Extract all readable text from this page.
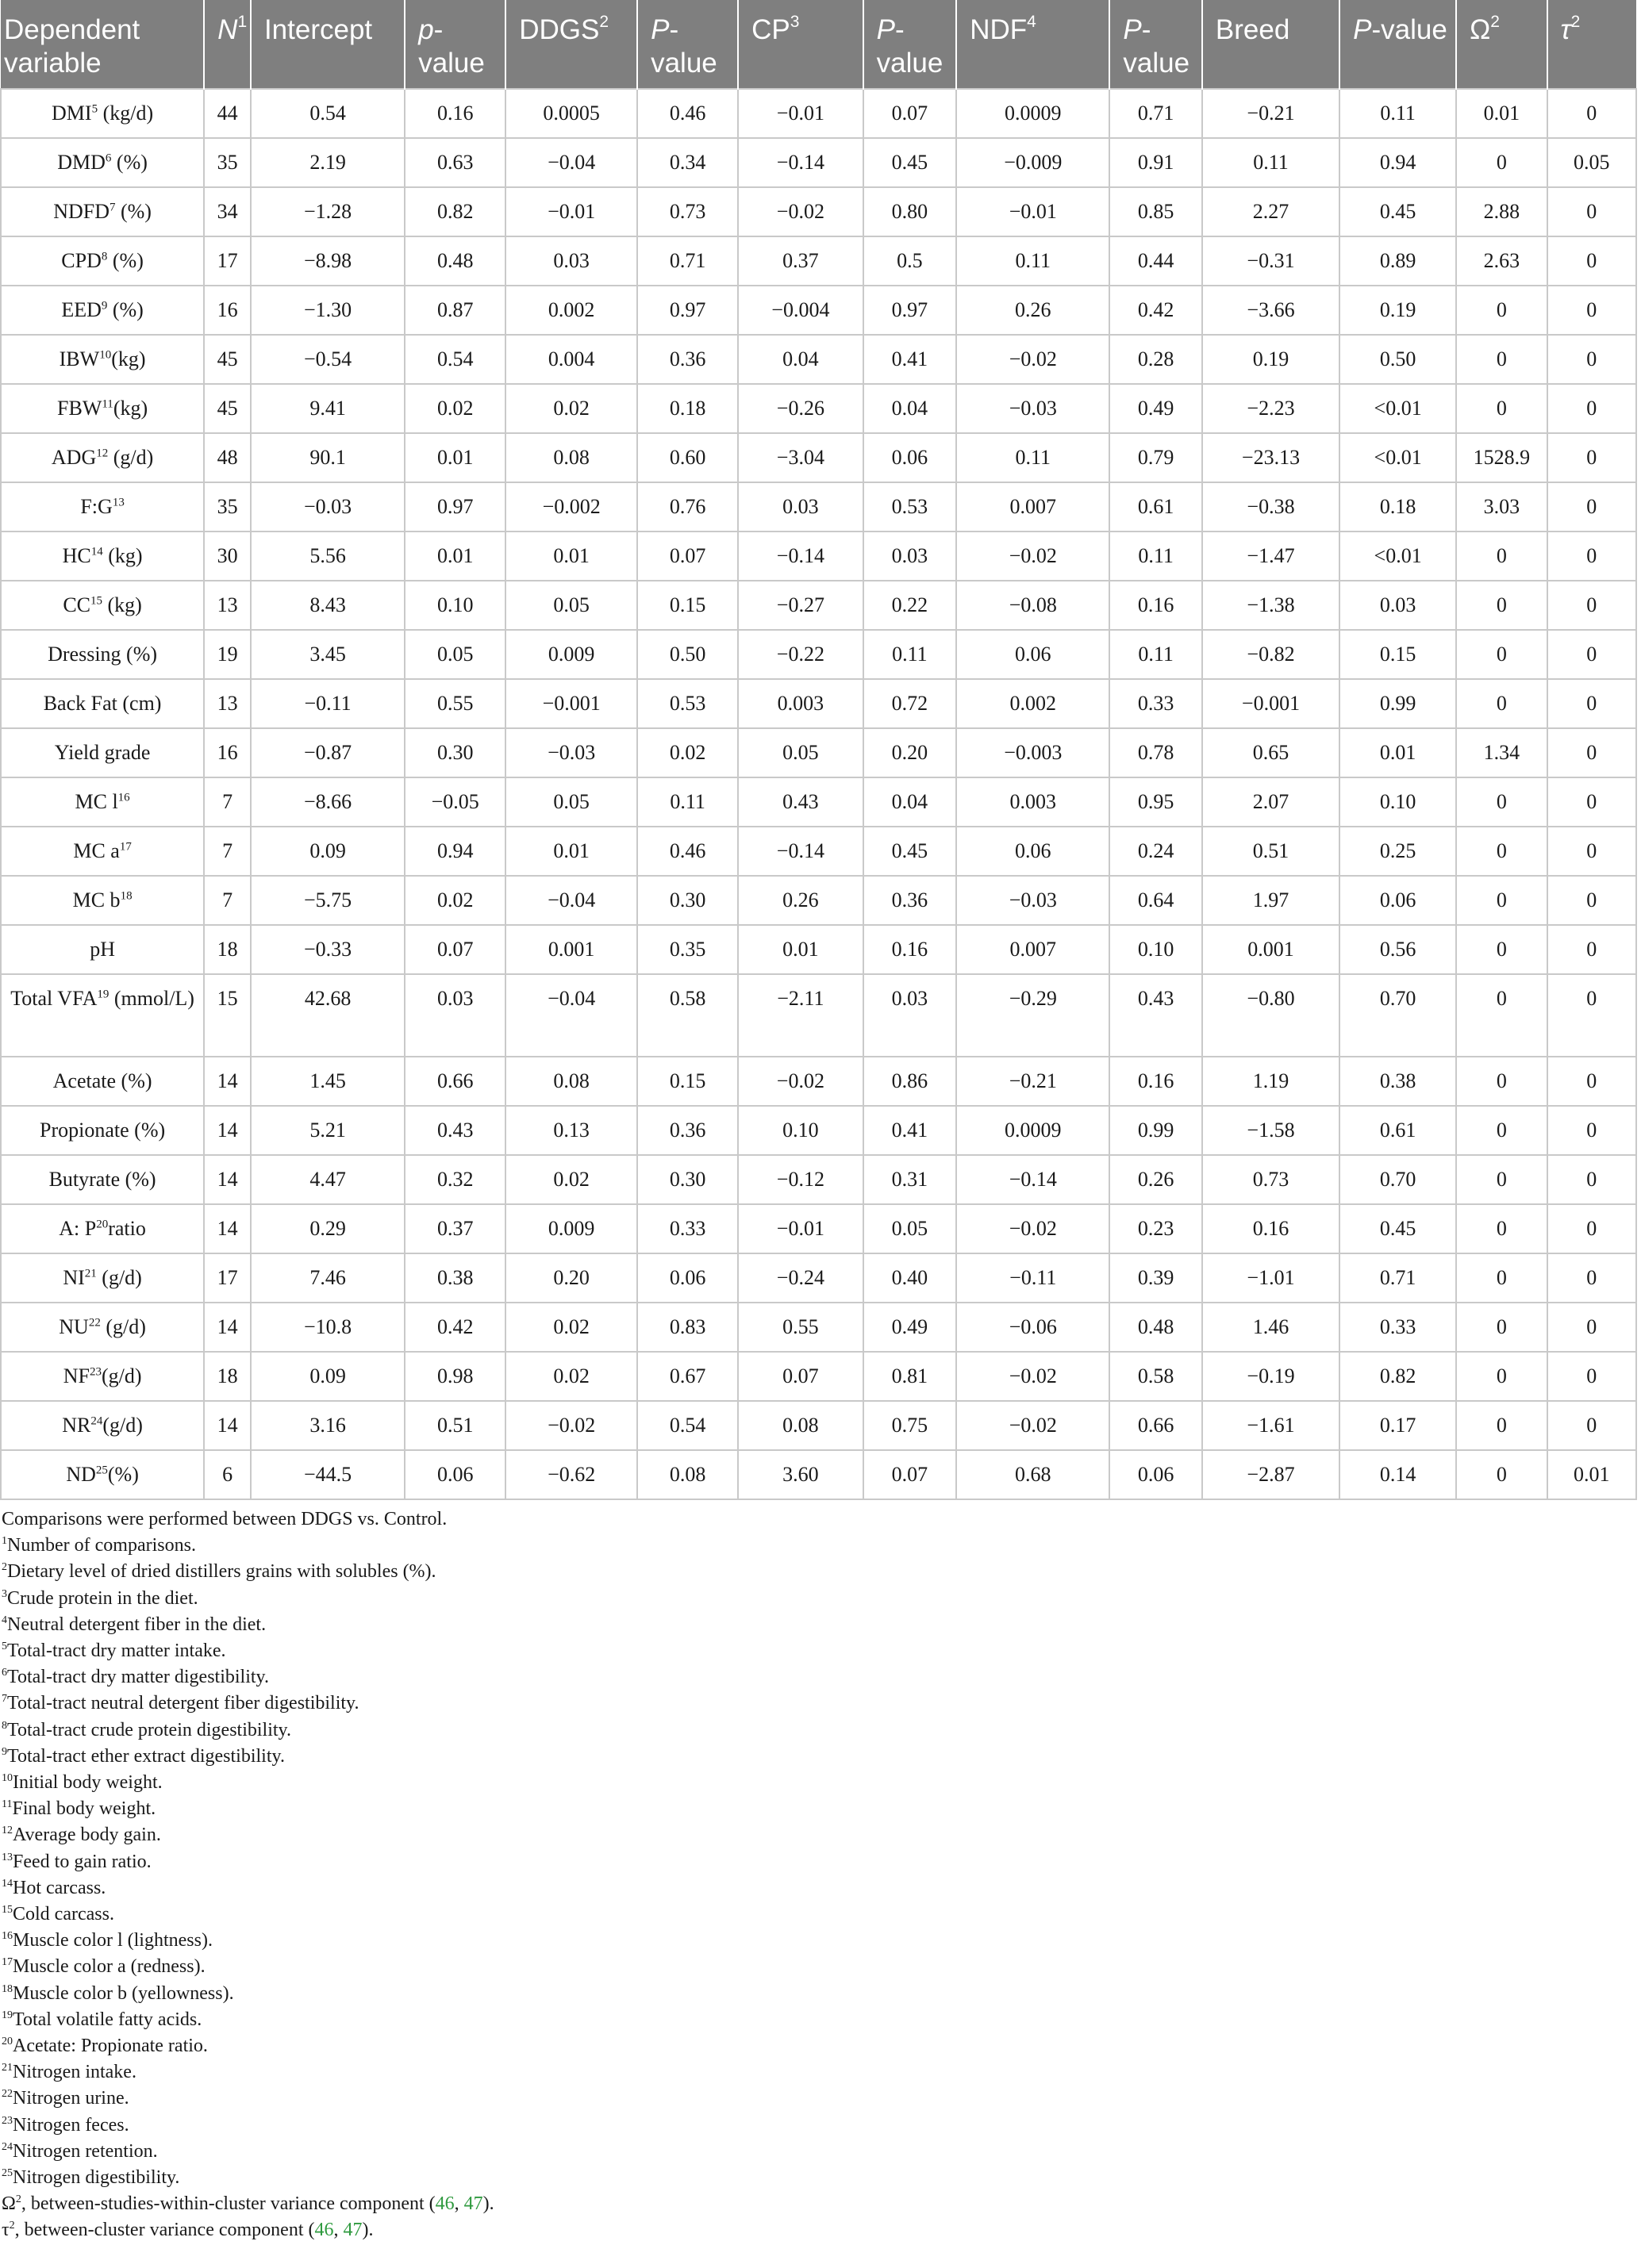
Dependent variable	$N^1$	Intercept	p-value	DDGS$^2$	P-value	$CP^3$	P-value	NDF$^4$	P-value	Breed	P-value	$\Omega^2$	$\tau^2$
DMI$^5$ (kg/d)	44	0.54	0.16	0.0005	0.46	−0.01	0.07	0.0009	0.71	−0.21	0.11	0.01	0
DMD$^6$ (%)	35	2.19	0.63	−0.04	0.34	−0.14	0.45	−0.009	0.91	0.11	0.94	0	0.05
NDFD$^7$ (%)	34	−1.28	0.82	−0.01	0.73	−0.02	0.80	−0.01	0.85	2.27	0.45	2.88	0
CPD$^8$ (%)	17	−8.98	0.48	0.03	0.71	0.37	0.5	0.11	0.44	−0.31	0.89	2.63	0
EED$^9$ (%)	16	−1.30	0.87	0.002	0.97	−0.004	0.97	0.26	0.42	−3.66	0.19	0	0
IBW$^{10}$(kg)	45	−0.54	0.54	0.004	0.36	0.04	0.41	−0.02	0.28	0.19	0.50	0	0
FBW$^{11}$(kg)	45	9.41	0.02	0.02	0.18	−0.26	0.04	−0.03	0.49	−2.23	<0.01	0	0
ADG$^{12}$ (g/d)	48	90.1	0.01	0.08	0.60	−3.04	0.06	0.11	0.79	−23.13	<0.01	1528.9	0
$F:G^{13}$	35	−0.03	0.97	−0.002	0.76	0.03	0.53	0.007	0.61	−0.38	0.18	3.03	0
HC$^{14}$ (kg)	30	5.56	0.01	0.01	0.07	−0.14	0.03	−0.02	0.11	−1.47	<0.01	0	0
CC$^{15}$ (kg)	13	8.43	0.10	0.05	0.15	−0.27	0.22	−0.08	0.16	−1.38	0.03	0	0
Dressing (%)	19	3.45	0.05	0.009	0.50	−0.22	0.11	0.06	0.11	−0.82	0.15	0	0
Back Fat (cm)	13	−0.11	0.55	−0.001	0.53	0.003	0.72	0.002	0.33	−0.001	0.99	0	0
Yield grade	16	−0.87	0.30	−0.03	0.02	0.05	0.20	−0.003	0.78	0.65	0.01	1.34	0
MC $l^{16}$	7	−8.66	−0.05	0.05	0.11	0.43	0.04	0.003	0.95	2.07	0.10	0	0
MC $a^{17}$	7	0.09	0.94	0.01	0.46	−0.14	0.45	0.06	0.24	0.51	0.25	0	0
MC $b^{18}$	7	−5.75	0.02	−0.04	0.30	0.26	0.36	−0.03	0.64	1.97	0.06	0	0
pH	18	−0.33	0.07	0.001	0.35	0.01	0.16	0.007	0.10	0.001	0.56	0	0
Total VFA$^{19}$ (mmol/L)	15	42.68	0.03	−0.04	0.58	−2.11	0.03	−0.29	0.43	−0.80	0.70	0	0
Acetate (%)	14	1.45	0.66	0.08	0.15	−0.02	0.86	−0.21	0.16	1.19	0.38	0	0
Propionate (%)	14	5.21	0.43	0.13	0.36	0.10	0.41	0.0009	0.99	−1.58	0.61	0	0
Butyrate (%)	14	4.47	0.32	0.02	0.30	−0.12	0.31	−0.14	0.26	0.73	0.70	0	0
A: $P^{20}ratio$	14	0.29	0.37	0.009	0.33	−0.01	0.05	−0.02	0.23	0.16	0.45	0	0
NI$^{21}$ (g/d)	17	7.46	0.38	0.20	0.06	−0.24	0.40	−0.11	0.39	−1.01	0.71	0	0
NU$^{22}$ (g/d)	14	−10.8	0.42	0.02	0.83	0.55	0.49	−0.06	0.48	1.46	0.33	0	0
NF$^{23}$(g/d)	18	0.09	0.98	0.02	0.67	0.07	0.81	−0.02	0.58	−0.19	0.82	0	0
NR$^{24}$(g/d)	14	3.16	0.51	−0.02	0.54	0.08	0.75	−0.02	0.66	−1.61	0.17	0	0
ND$^{25}$(%)	6	−44.5	0.06	−0.62	0.08	3.60	0.07	0.68	0.06	−2.87	0.14	0	0.01
Comparisons were performed between DDGS vs. Control.
$^1$Number of comparisons.
$^2$Dietary level of dried distillers grains with solubles (%).
$^3$Crude protein in the diet.
$^4$Neutral detergent fiber in the diet.
$^5$Total-tract dry matter intake.
$^6$Total-tract dry matter digestibility.
$^7$Total-tract neutral detergent fiber digestibility.
$^8$Total-tract crude protein digestibility.
$^9$Total-tract ether extract digestibility.
$^{10}$Initial body weight.
$^{11}$Final body weight.
$^{12}$Average body gain.
$^{13}$Feed to gain ratio.
$^{14}$Hot carcass.
$^{15}$Cold carcass.
$^{16}$Muscle color l (lightness).
$^{17}$Muscle color a (redness).
$^{18}$Muscle color b (yellowness).
$^{19}$Total volatile fatty acids.
$^{20}$Acetate: Propionate ratio.
$^{21}$Nitrogen intake.
$^{22}$Nitrogen urine.
$^{23}$Nitrogen feces.
$^{24}$Nitrogen retention.
$^{25}$Nitrogen digestibility.
$\Omega^2$, between-studies-within-cluster variance component (46, 47).
$\tau^2$, between-cluster variance component (46, 47).
